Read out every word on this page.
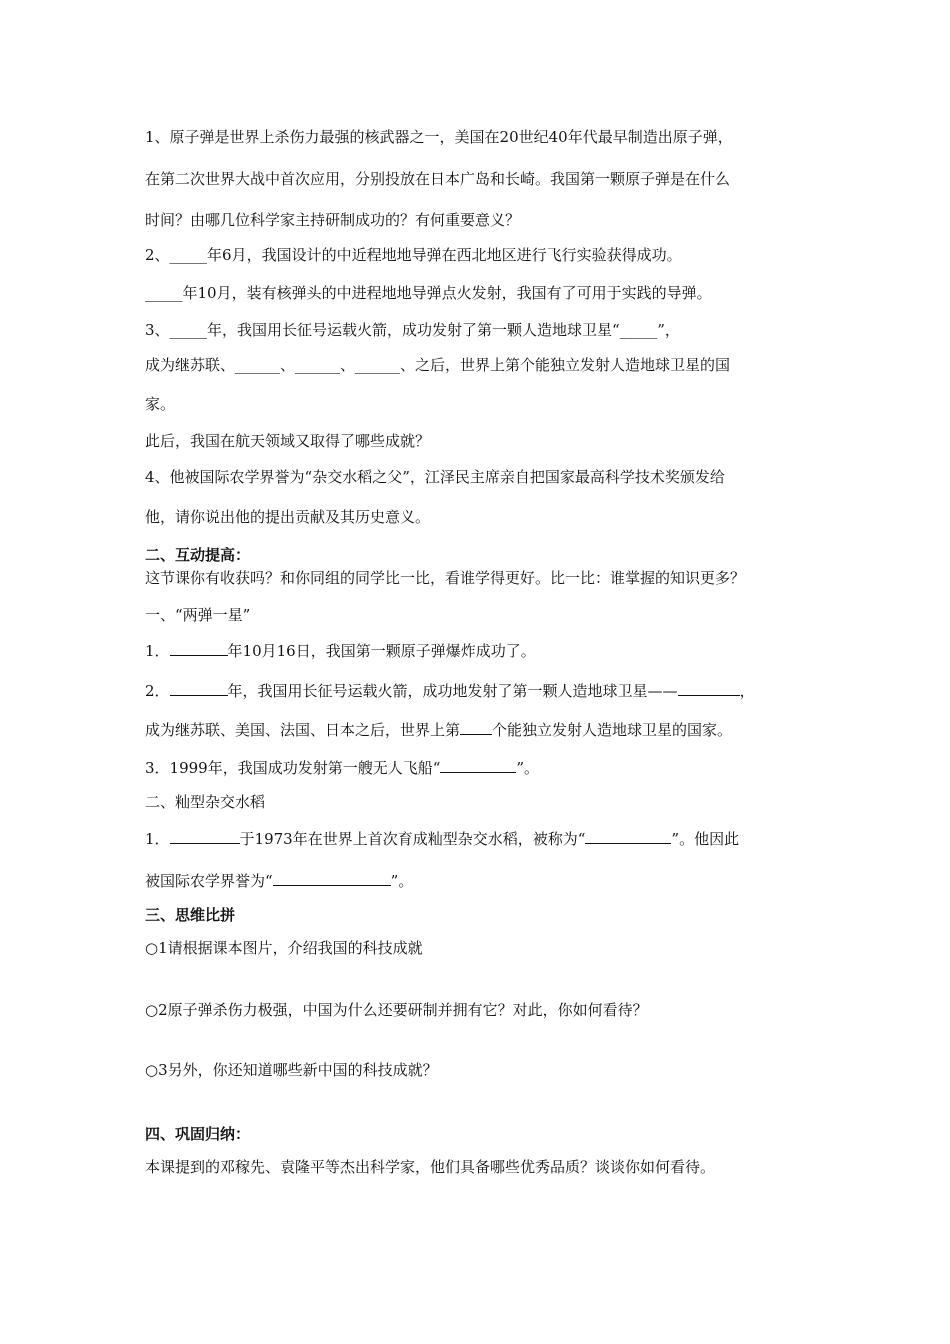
1、原子弹是世界上杀伤力最强的核武器之一，美国在20世纪40年代最早制造出原子弹，
在第二次世界大战中首次应用，分别投放在日本广岛和长崎。我国第一颗原子弹是在什么
时间？由哪几位科学家主持研制成功的？有何重要意义？
2、_____年6月，我国设计的中近程地地导弹在西北地区进行飞行实验获得成功。
_____年10月，装有核弹头的中进程地地导弹点火发射，我国有了可用于实践的导弹。
3、_____年，我国用长征号运载火箭，成功发射了第一颗人造地球卫星“_____”，
成为继苏联、______、______、______、之后，世界上第个能独立发射人造地球卫星的国
家。
此后，我国在航天领域又取得了哪些成就？
4、他被国际农学界誉为“杂交水稻之父”，江泽民主席亲自把国家最高科学技术奖颁发给
他，请你说出他的提出贡献及其历史意义。
二、互动提高：
这节课你有收获吗？和你同组的同学比一比，看谁学得更好。比一比：谁掌握的知识更多？
一、“两弹一星”
1．	年10月16日，我国第一颗原子弹爆炸成功了。
2．	年，我国用长征号运载火箭，成功地发射了第一颗人造地球卫星——	，
成为继苏联、美国、法国、日本之后，世界上第 个能独立发射人造地球卫星的国家。
3．1999年，我国成功发射第一艘无人飞船“	”。
二、籼型杂交水稻
1．	于1973年在世界上首次育成籼型杂交水稻，被称为“	”。他因此
被国际农学界誉为“	”。
三、思维比拼
○1请根据课本图片，介绍我国的科技成就
○2原子弹杀伤力极强，中国为什么还要研制并拥有它？对此，你如何看待？
○3另外，你还知道哪些新中国的科技成就？
四、巩固归纳：
本课提到的邓稼先、袁隆平等杰出科学家，他们具备哪些优秀品质？谈谈你如何看待。
